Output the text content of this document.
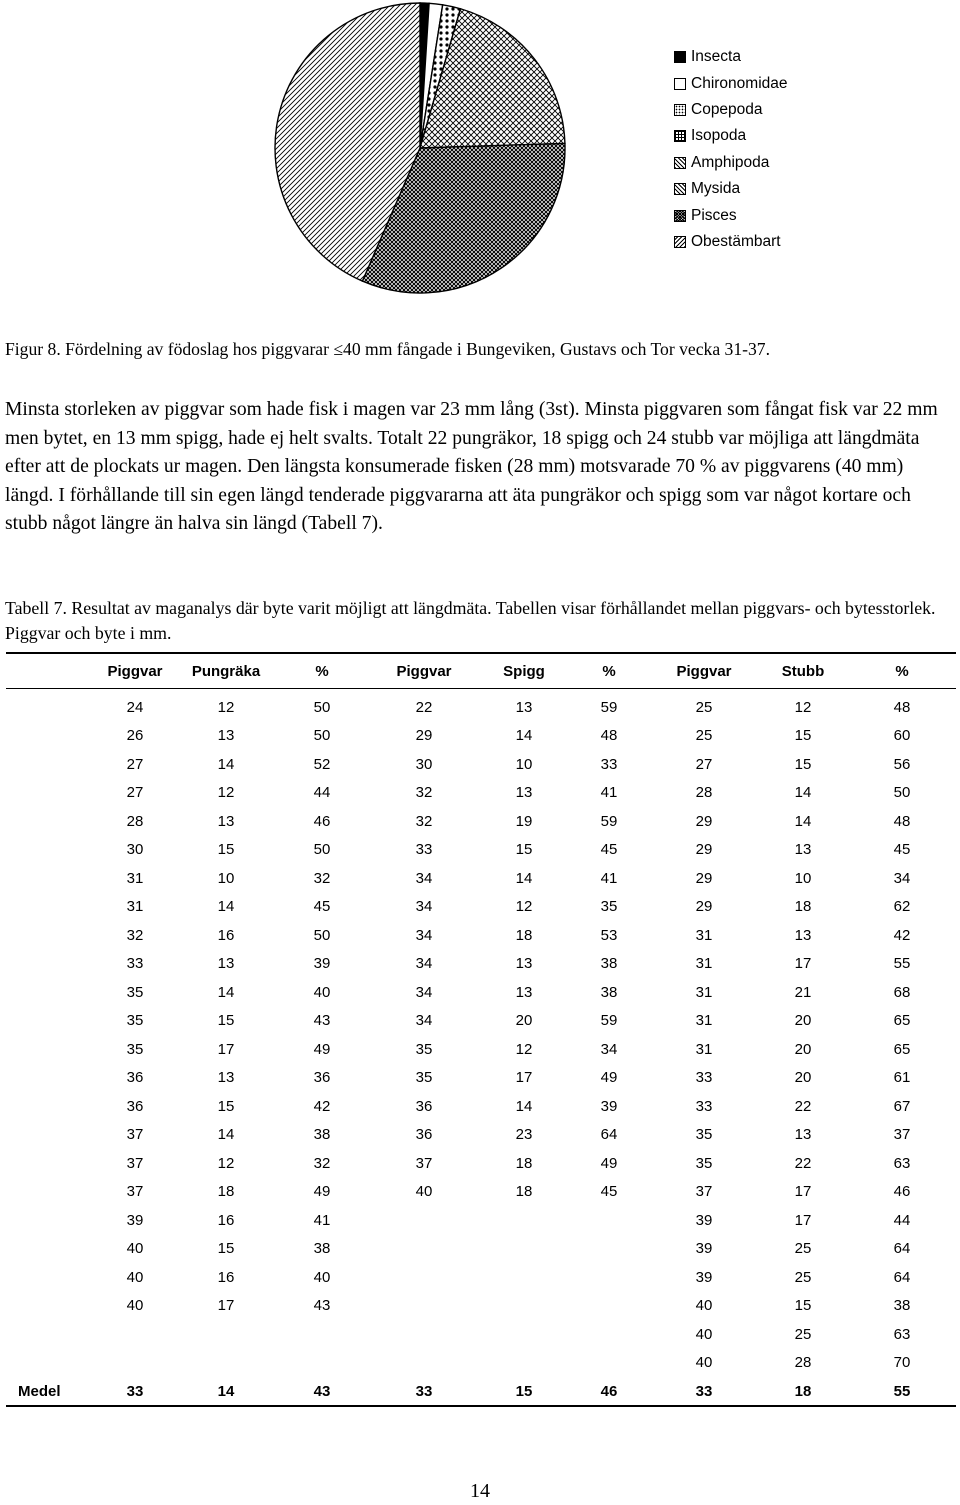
Insecta
Chironomidae
Copepoda
Isopoda
Amphipoda
Mysida
Pisces
Obestämbart

Figur 8. Fördelning av födoslag hos piggvarar ≤40 mm fångade i Bungeviken, Gustavs och Tor vecka 31-37.

Minsta storleken av piggvar som hade fisk i magen var 23 mm lång (3st). Minsta piggvaren som fångat fisk var 22 mm men bytet, en 13 mm spigg, hade ej helt svalts. Totalt 22 pungräkor, 18 spigg och 24 stubb var möjliga att längdmäta efter att de plockats ur magen. Den längsta konsumerade fisken (28 mm) motsvarade 70 % av piggvarens (40 mm) längd. I förhållande till sin egen längd tenderade piggvararna att äta pungräkor och spigg som var något kortare och stubb något längre än halva sin längd (Tabell 7).

Tabell 7. Resultat av maganalys där byte varit möjligt att längdmäta. Tabellen visar förhållandet mellan piggvars- och bytesstorlek. Piggvar och byte i mm.

	Piggvar	Pungräka	%	Piggvar	Spigg	%	Piggvar	Stubb	%
	24	12	50	22	13	59	25	12	48
	26	13	50	29	14	48	25	15	60
	27	14	52	30	10	33	27	15	56
	27	12	44	32	13	41	28	14	50
	28	13	46	32	19	59	29	14	48
	30	15	50	33	15	45	29	13	45
	31	10	32	34	14	41	29	10	34
	31	14	45	34	12	35	29	18	62
	32	16	50	34	18	53	31	13	42
	33	13	39	34	13	38	31	17	55
	35	14	40	34	13	38	31	21	68
	35	15	43	34	20	59	31	20	65
	35	17	49	35	12	34	31	20	65
	36	13	36	35	17	49	33	20	61
	36	15	42	36	14	39	33	22	67
	37	14	38	36	23	64	35	13	37
	37	12	32	37	18	49	35	22	63
	37	18	49	40	18	45	37	17	46
	39	16	41				39	17	44
	40	15	38				39	25	64
	40	16	40				39	25	64
	40	17	43				40	15	38
							40	25	63
							40	28	70
Medel	33	14	43	33	15	46	33	18	55
14
